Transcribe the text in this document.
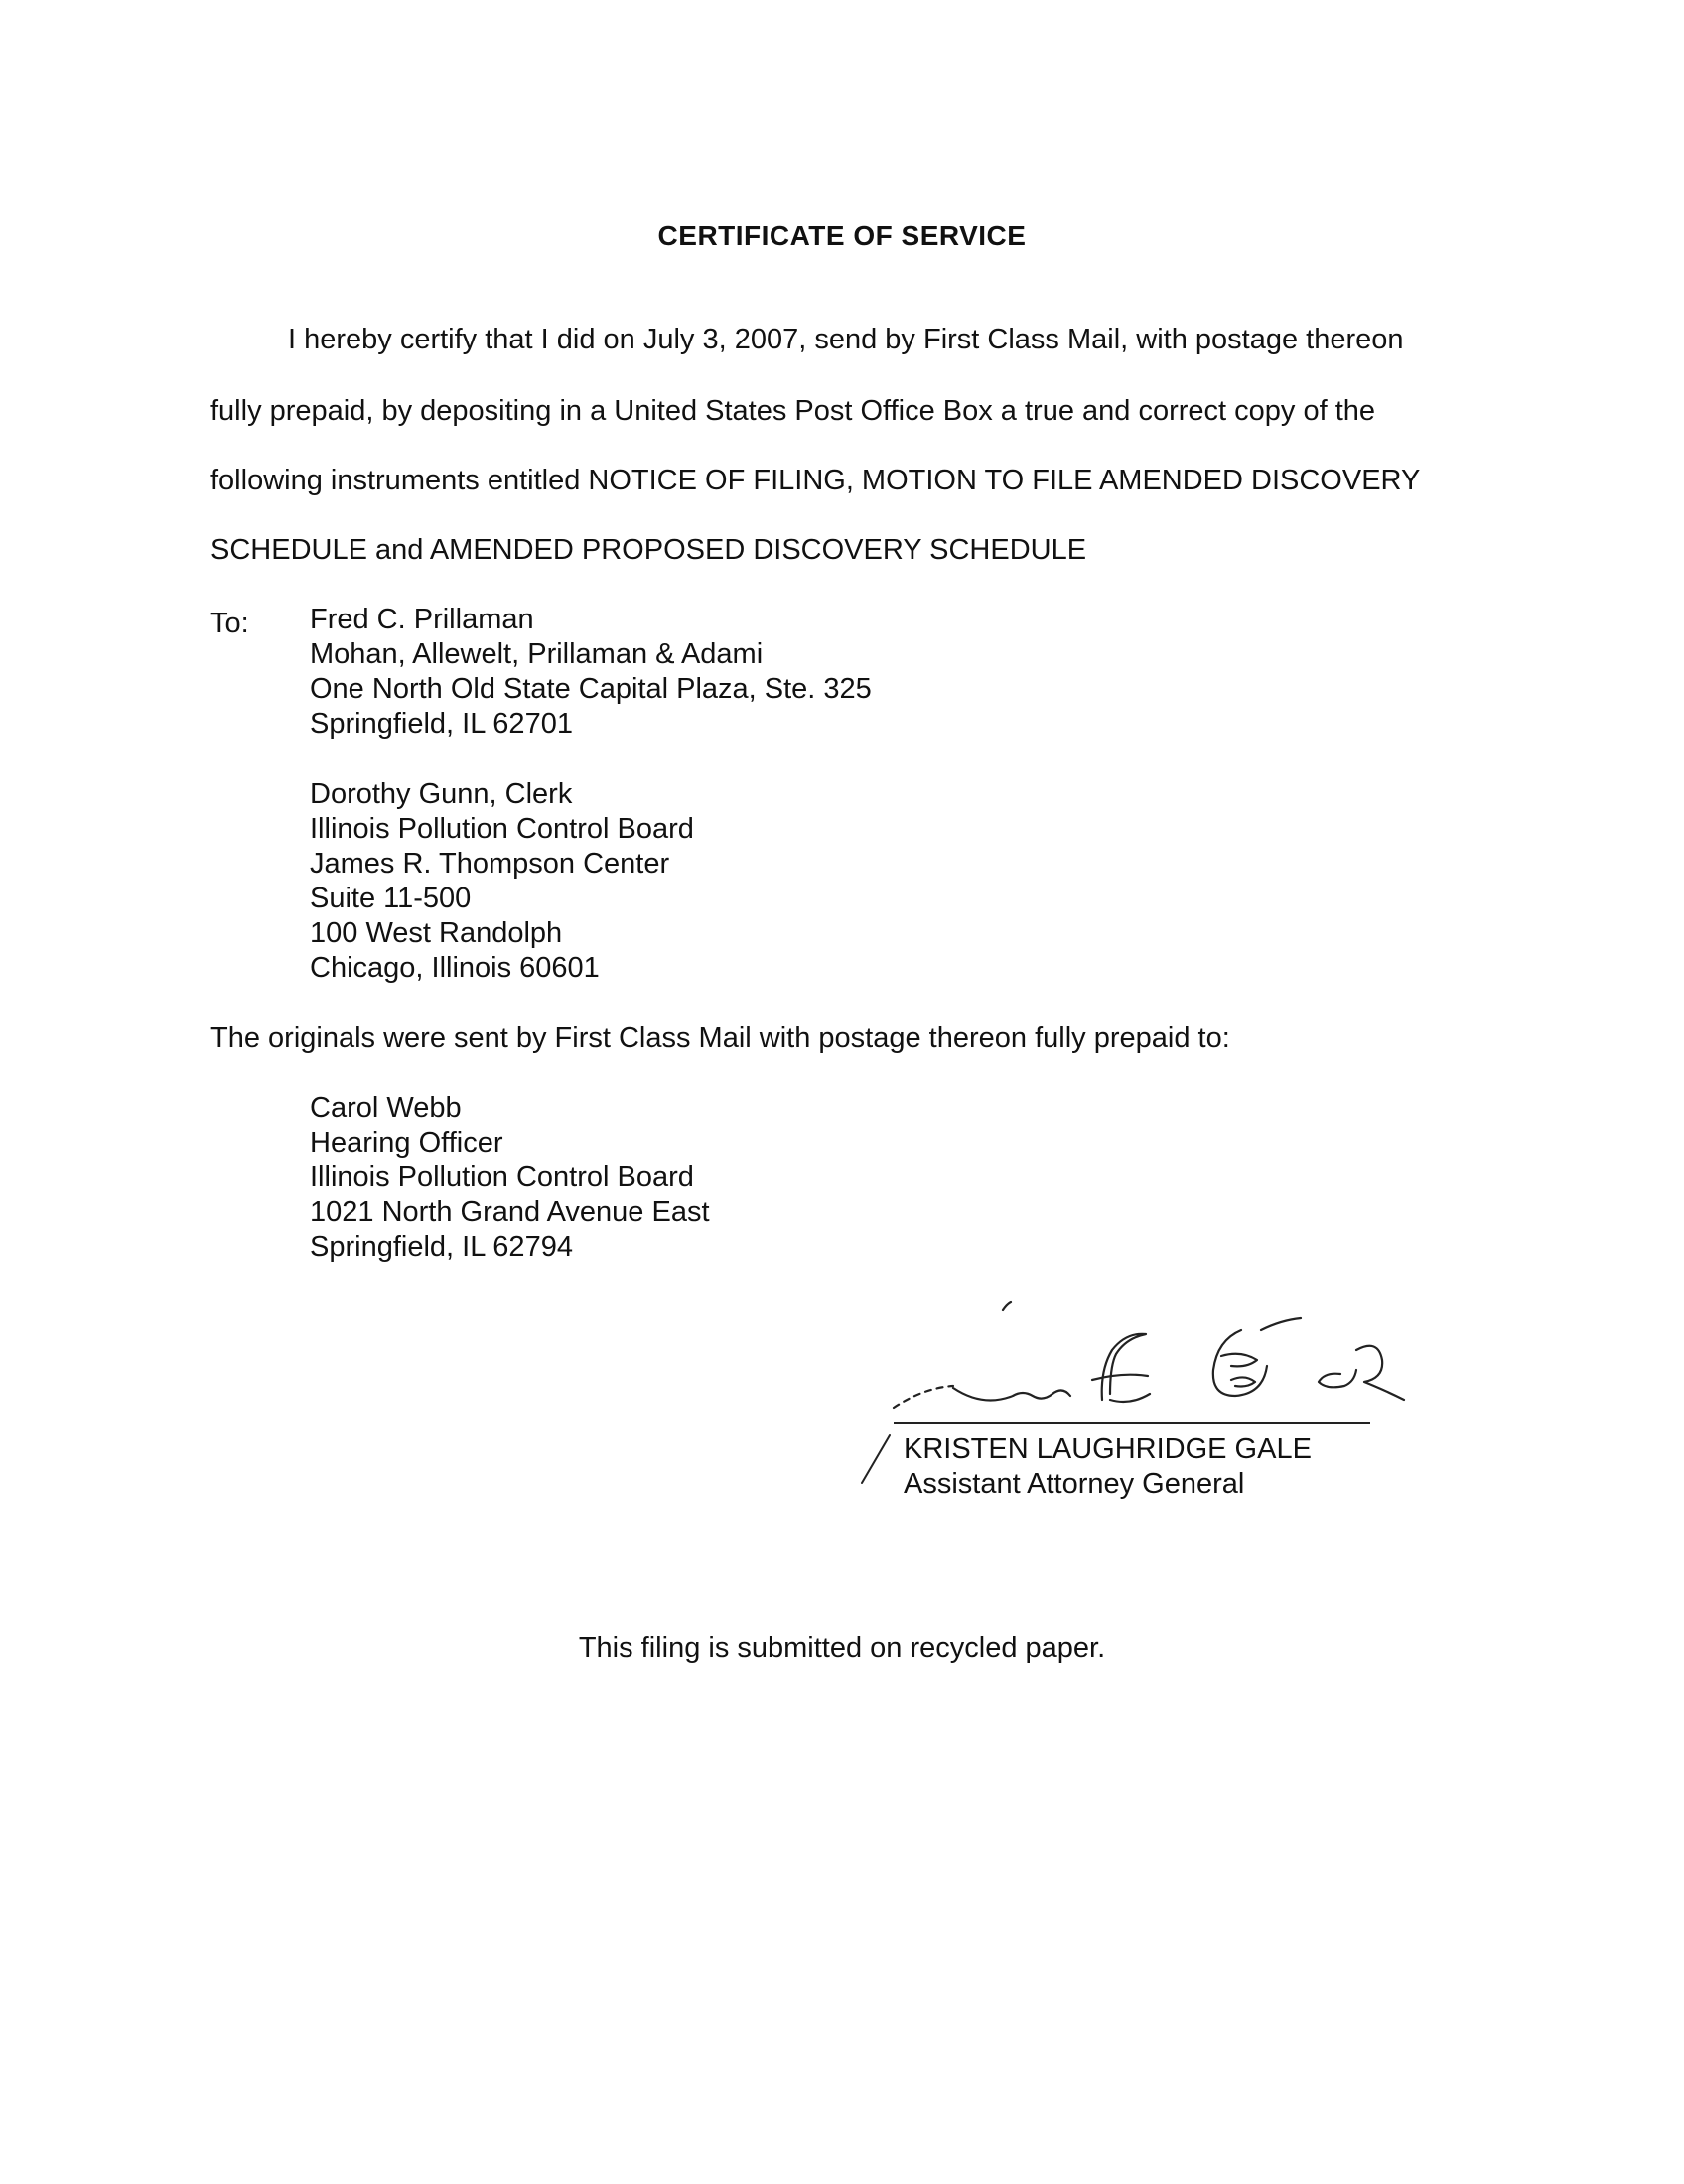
CERTIFICATE OF SERVICE
I hereby certify that I did on July 3, 2007, send by First Class Mail, with postage thereon
fully prepaid, by depositing in a United States Post Office Box a true and correct copy of the
following instruments entitled NOTICE OF FILING, MOTION TO FILE AMENDED DISCOVERY
SCHEDULE and AMENDED PROPOSED DISCOVERY SCHEDULE
To: Fred C. Prillaman
Mohan, Allewelt, Prillaman & Adami
One North Old State Capital Plaza, Ste. 325
Springfield, IL 62701
Dorothy Gunn, Clerk
Illinois Pollution Control Board
James R. Thompson Center
Suite 11-500
100 West Randolph
Chicago, Illinois 60601
The originals were sent by First Class Mail with postage thereon fully prepaid to:
Carol Webb
Hearing Officer
Illinois Pollution Control Board
1021 North Grand Avenue East
Springfield, IL 62794
KRISTEN LAUGHRIDGE GALE
Assistant Attorney General
This filing is submitted on recycled paper.
